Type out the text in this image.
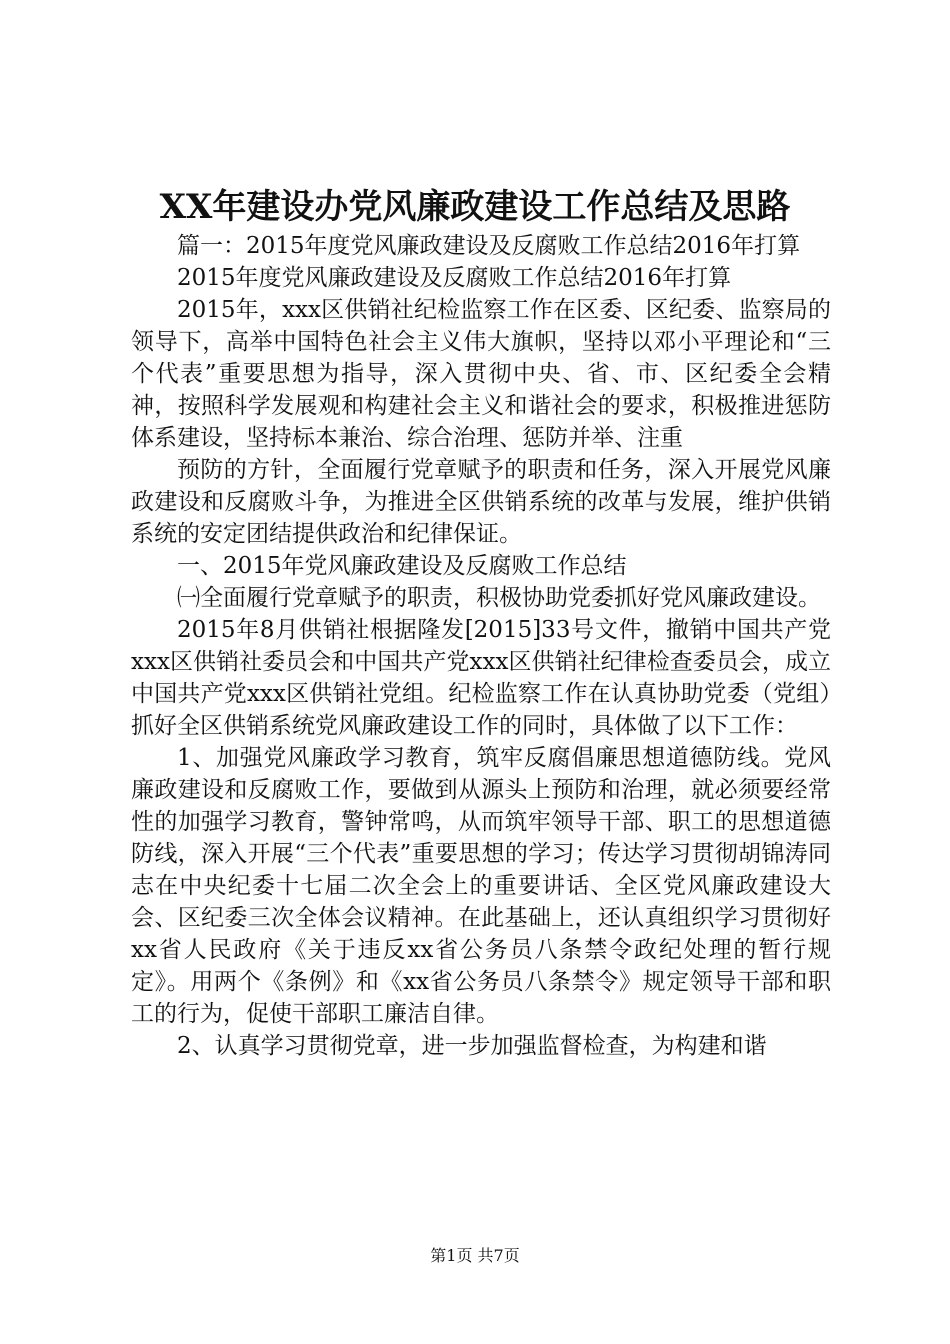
XX年建设办党风廉政建设工作总结及思路

篇一：2015年度党风廉政建设及反腐败工作总结2016年打算

2015年度党风廉政建设及反腐败工作总结2016年打算

2015年，xxx区供销社纪检监察工作在区委、区纪委、监察局的领导下，高举中国特色社会主义伟大旗帜，坚持以邓小平理论和“三个代表”重要思想为指导，深入贯彻中央、省、市、区纪委全会精神，按照科学发展观和构建社会主义和谐社会的要求，积极推进惩防体系建设，坚持标本兼治、综合治理、惩防并举、注重

预防的方针，全面履行党章赋予的职责和任务，深入开展党风廉政建设和反腐败斗争，为推进全区供销系统的改革与发展，维护供销系统的安定团结提供政治和纪律保证。

一、2015年党风廉政建设及反腐败工作总结

㈠全面履行党章赋予的职责，积极协助党委抓好党风廉政建设。

2015年8月供销社根据隆发[2015]33号文件，撤销中国共产党xxx区供销社委员会和中国共产党xxx区供销社纪律检查委员会，成立中国共产党xxx区供销社党组。纪检监察工作在认真协助党委（党组）抓好全区供销系统党风廉政建设工作的同时，具体做了以下工作：

1、加强党风廉政学习教育，筑牢反腐倡廉思想道德防线。党风廉政建设和反腐败工作，要做到从源头上预防和治理，就必须要经常性的加强学习教育，警钟常鸣，从而筑牢领导干部、职工的思想道德防线，深入开展“三个代表”重要思想的学习；传达学习贯彻胡锦涛同志在中央纪委十七届二次全会上的重要讲话、全区党风廉政建设大会、区纪委三次全体会议精神。在此基础上，还认真组织学习贯彻好xx省人民政府《关于违反xx省公务员八条禁令政纪处理的暂行规定》。用两个《条例》和《xx省公务员八条禁令》规定领导干部和职工的行为，促使干部职工廉洁自律。

2、认真学习贯彻党章，进一步加强监督检查，为构建和谐

第1页 共7页
